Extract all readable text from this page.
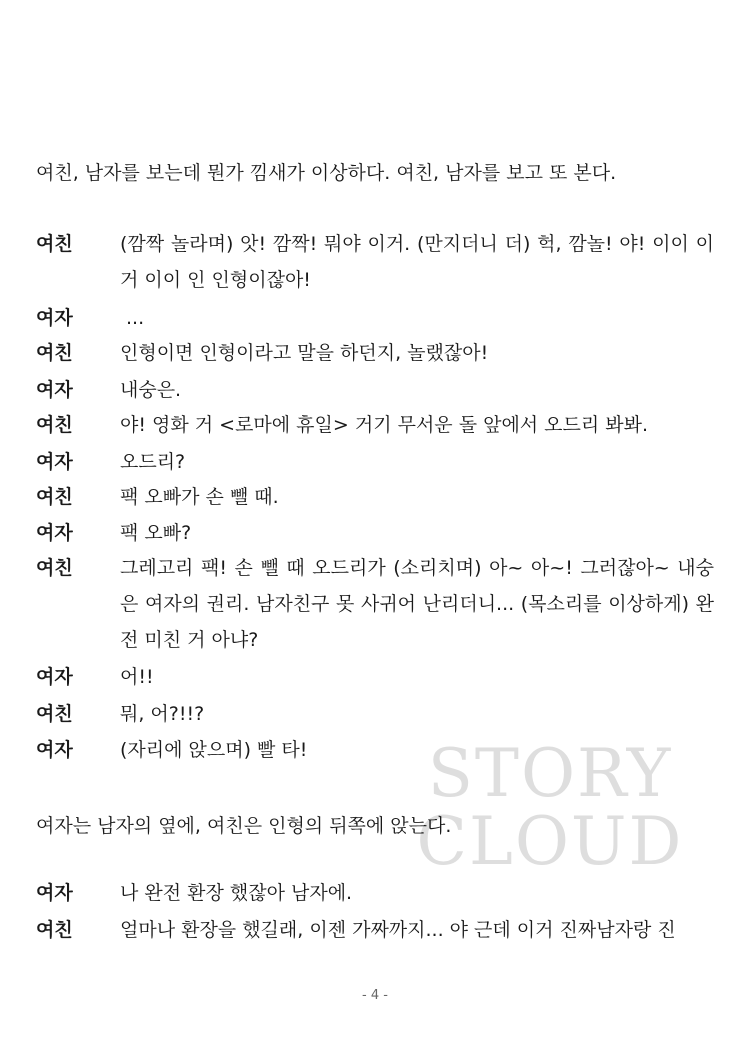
여친, 남자를 보는데 뭔가 낌새가 이상하다. 여친, 남자를 보고 또 본다.
여친	(깜짝 놀라며) 앗! 깜짝! 뭐야 이거. (만지더니 더) 헉, 깜놀! 야! 이이 이거 이이 인 인형이잖아!
여자	...
여친	인형이면 인형이라고 말을 하던지, 놀랬잖아!
여자	내숭은.
여친	야! 영화 거 <로마에 휴일> 거기 무서운 돌 앞에서 오드리 봐봐.
여자	오드리?
여친	팩 오빠가 손 뺄 때.
여자	팩 오빠?
여친	그레고리 팩! 손 뺄 때 오드리가 (소리치며) 아~ 아~! 그러잖아~ 내숭은 여자의 권리. 남자친구 못 사귀어 난리더니... (목소리를 이상하게) 완전 미친 거 아냐?
여자	어!!
여친	뭐, 어?!!?
여자	(자리에 앉으며) 빨 타!	STORY
CLOUD
여자는 남자의 옆에, 여친은 인형의 뒤쪽에 앉는다.
여자	나 완전 환장 했잖아 남자에.
여친	얼마나 환장을 했길래, 이젠 가짜까지... 야 근데 이거 진짜남자랑 진
- 4 -
